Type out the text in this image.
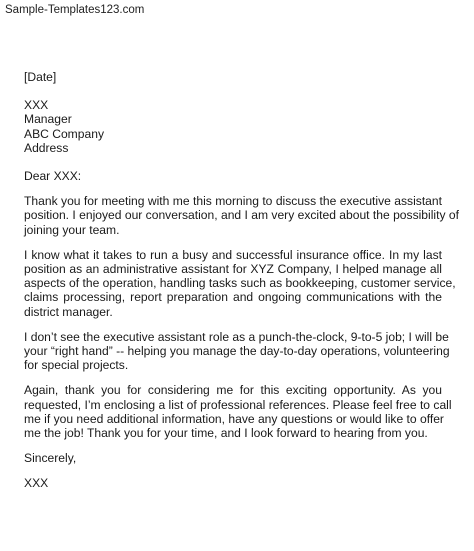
Sample-Templates123.com
[Date]
XXX
Manager
ABC Company
Address
Dear XXX:
Thank you for meeting with me this morning to discuss the executive assistant
position. I enjoyed our conversation, and I am very excited about the possibility of
joining your team.
I know what it takes to run a busy and successful insurance office. In my last
position as an administrative assistant for XYZ Company, I helped manage all
aspects of the operation, handling tasks such as bookkeeping, customer service,
claims processing, report preparation and ongoing communications with the
district manager.
I don’t see the executive assistant role as a punch-the-clock, 9-to-5 job; I will be
your “right hand” -- helping you manage the day-to-day operations, volunteering
for special projects.
Again, thank you for considering me for this exciting opportunity. As you
requested, I’m enclosing a list of professional references. Please feel free to call
me if you need additional information, have any questions or would like to offer
me the job! Thank you for your time, and I look forward to hearing from you.
Sincerely,
XXX
